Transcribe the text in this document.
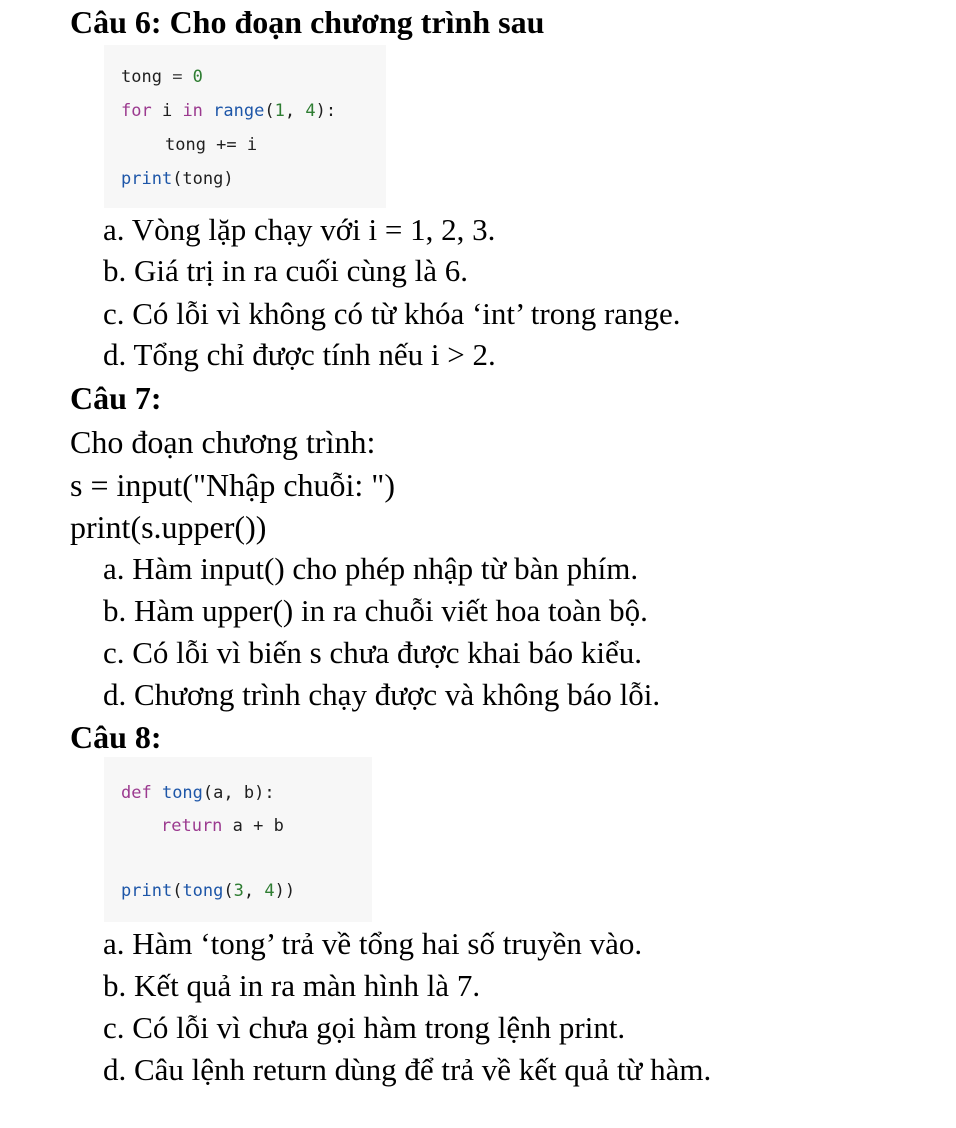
Câu 6: Cho đoạn chương trình sau
tong = 0
for i in range(1, 4):
tong += i
print(tong)
a. Vòng lặp chạy với i = 1, 2, 3.
b. Giá trị in ra cuối cùng là 6.
c. Có lỗi vì không có từ khóa ‘int’ trong range.
d. Tổng chỉ được tính nếu i > 2.
Câu 7:
Cho đoạn chương trình:
s = input("Nhập chuỗi: ")
print(s.upper())
a. Hàm input() cho phép nhập từ bàn phím.
b. Hàm upper() in ra chuỗi viết hoa toàn bộ.
c. Có lỗi vì biến s chưa được khai báo kiểu.
d. Chương trình chạy được và không báo lỗi.
Câu 8:
def tong(a, b):
return a + b
print(tong(3, 4))
a. Hàm ‘tong’ trả về tổng hai số truyền vào.
b. Kết quả in ra màn hình là 7.
c. Có lỗi vì chưa gọi hàm trong lệnh print.
d. Câu lệnh return dùng để trả về kết quả từ hàm.
